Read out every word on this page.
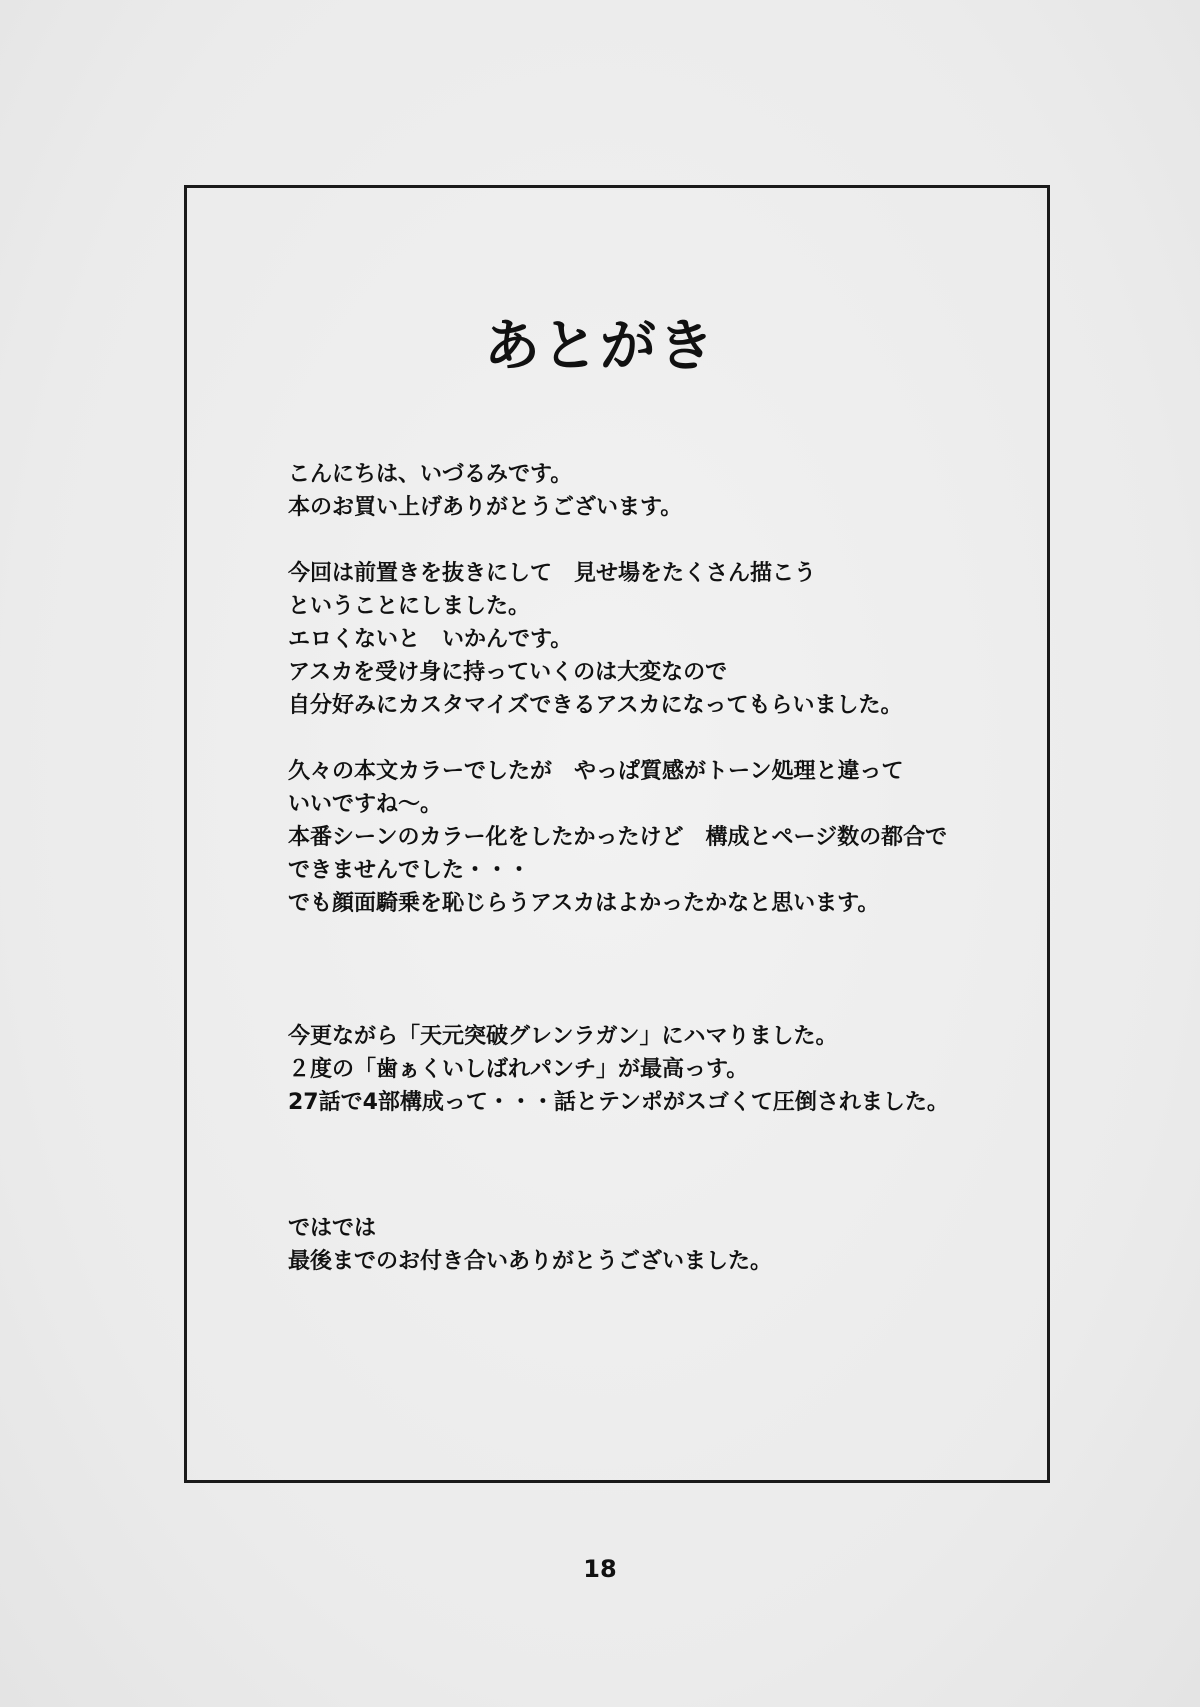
あとがき
こんにちは、いづるみです。
本のお買い上げありがとうございます。
今回は前置きを抜きにして　見せ場をたくさん描こう
ということにしました。
エロくないと　いかんです。
アスカを受け身に持っていくのは大変なので
自分好みにカスタマイズできるアスカになってもらいました。
久々の本文カラーでしたが　やっぱ質感がトーン処理と違って
いいですね〜。
本番シーンのカラー化をしたかったけど　構成とページ数の都合で
できませんでした・・・
でも顔面騎乗を恥じらうアスカはよかったかなと思います。
今更ながら「天元突破グレンラガン」にハマりました。
２度の「歯ぁくいしばれパンチ」が最高っす。
27話で4部構成って・・・話とテンポがスゴくて圧倒されました。
ではでは
最後までのお付き合いありがとうございました。
18
